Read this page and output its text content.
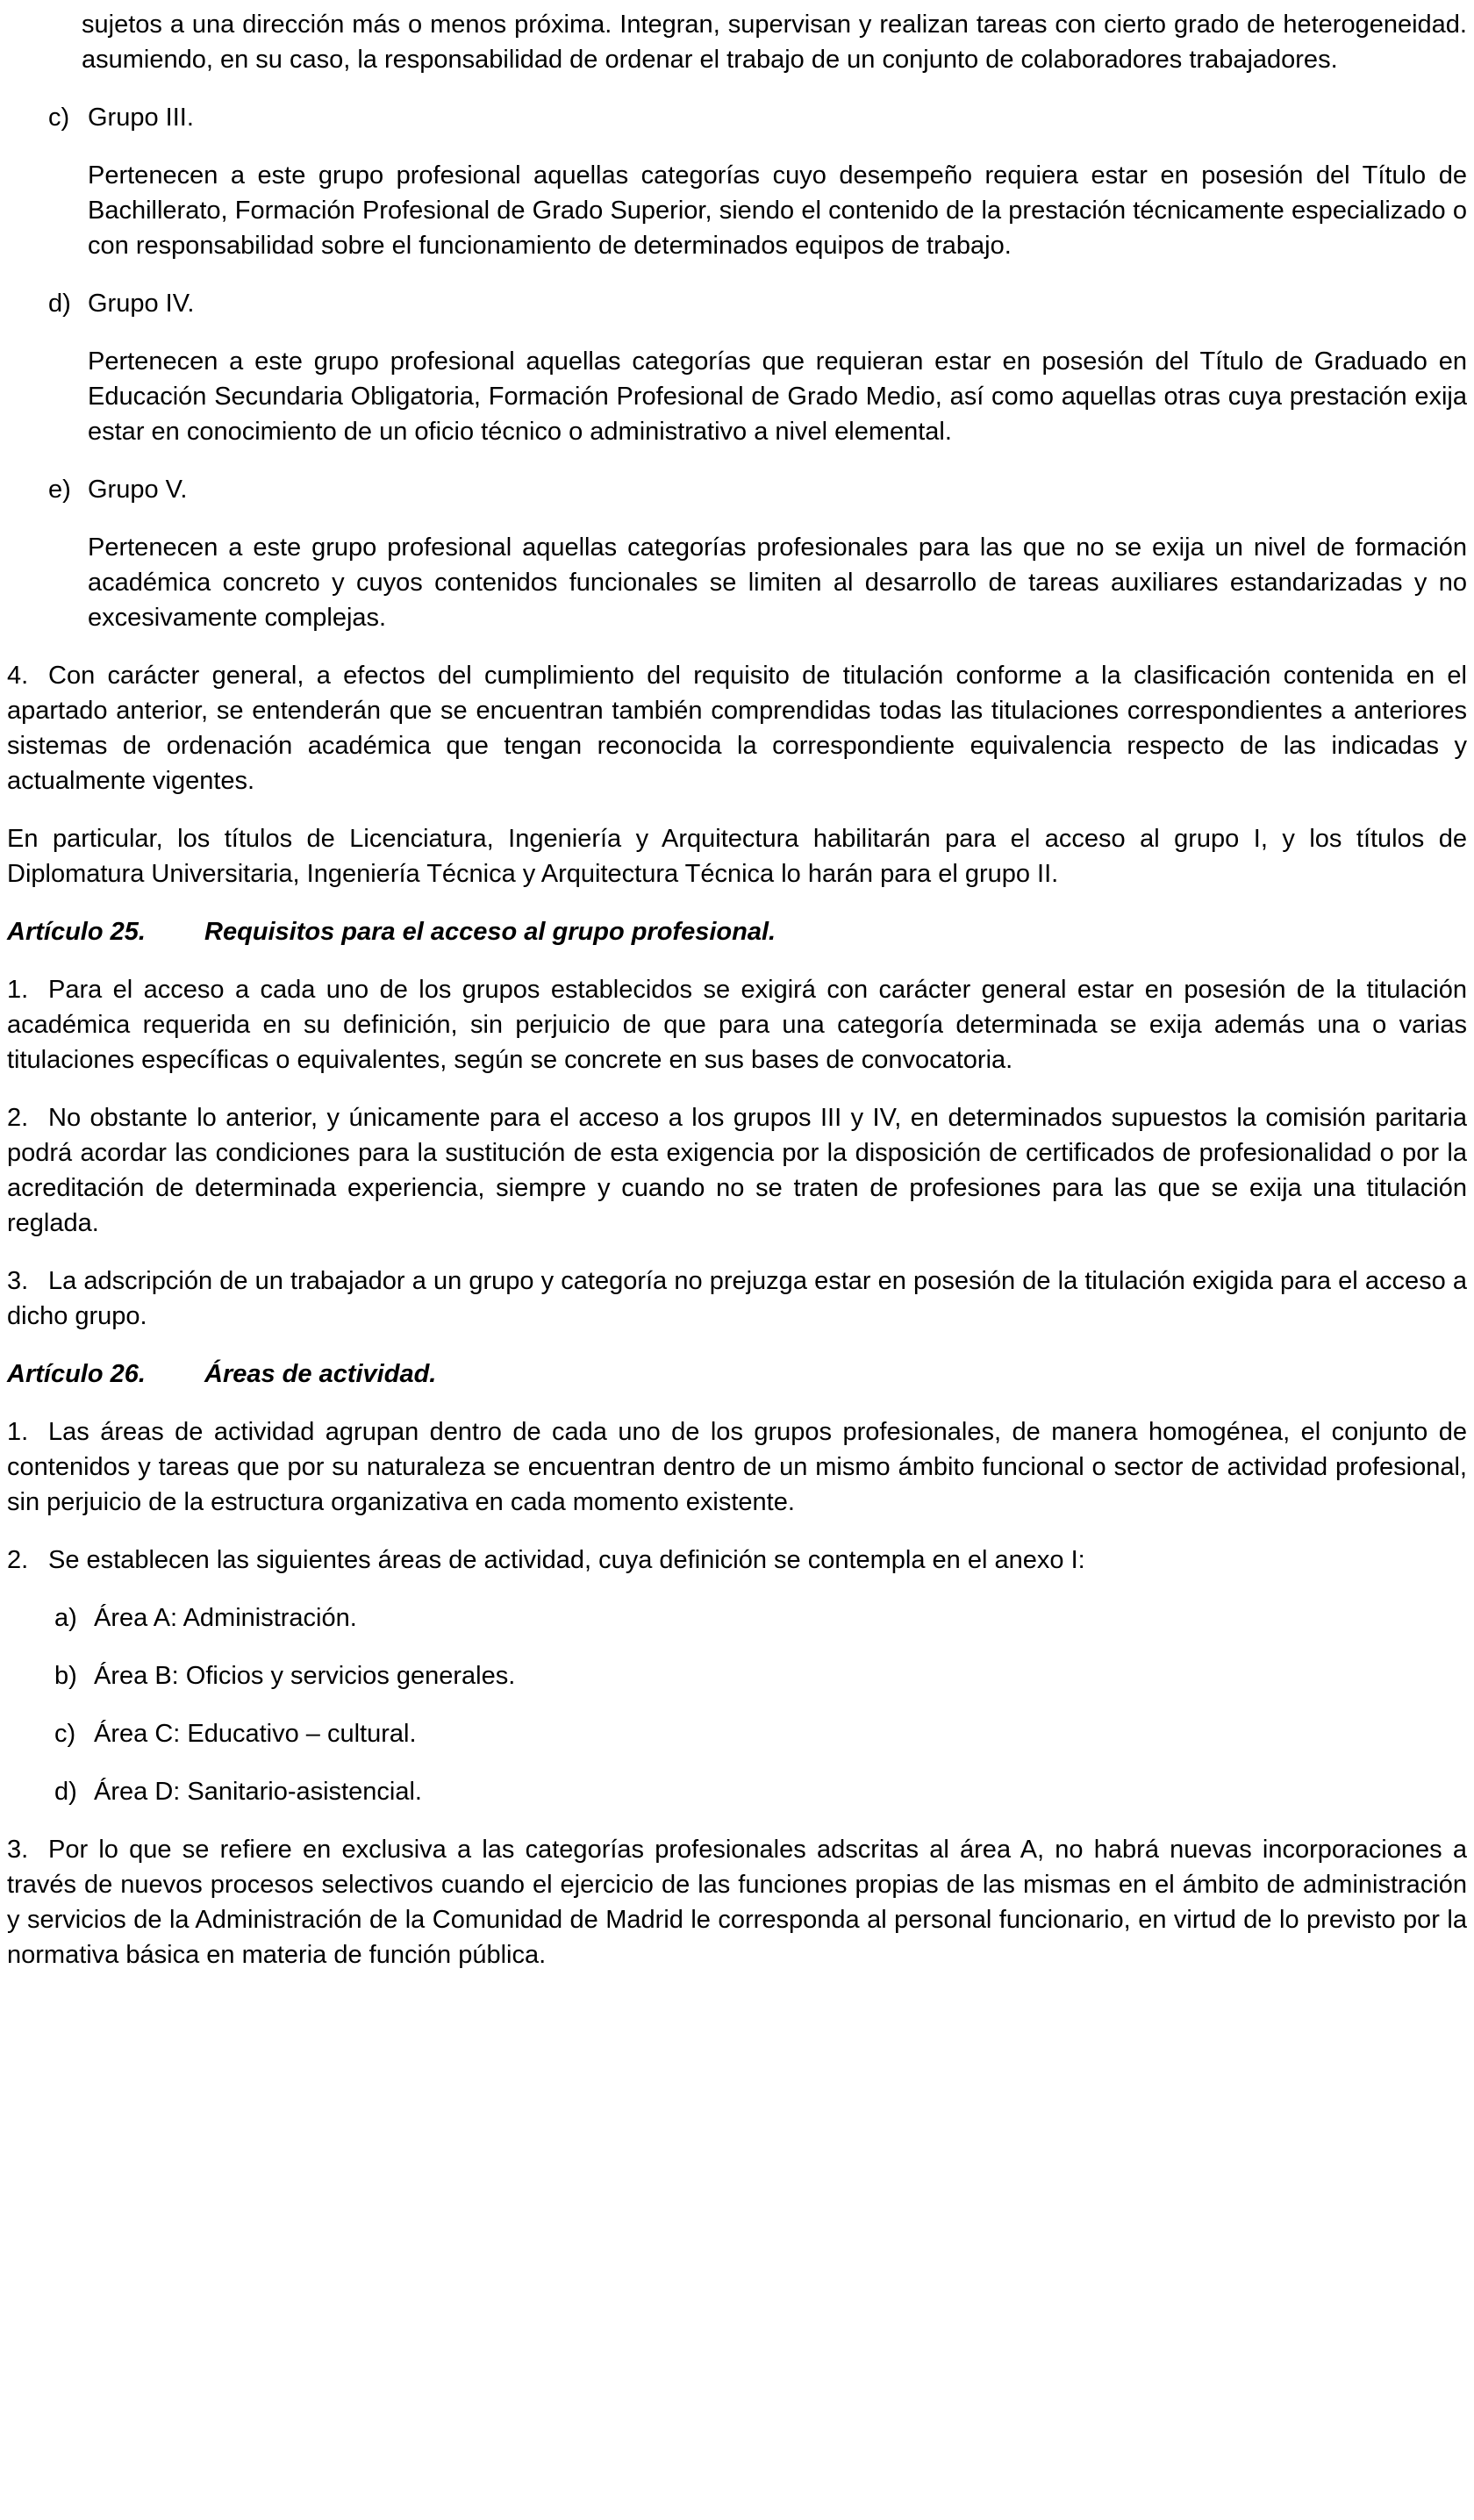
sujetos a una dirección más o menos próxima. Integran, supervisan y realizan tareas con cierto grado de heterogeneidad. asumiendo, en su caso, la responsabilidad de ordenar el trabajo de un conjunto de colaboradores trabajadores.

c) Grupo III.

Pertenecen a este grupo profesional aquellas categorías cuyo desempeño requiera estar en posesión del Título de Bachillerato, Formación Profesional de Grado Superior, siendo el contenido de la prestación técnicamente especializado o con responsabilidad sobre el funcionamiento de determinados equipos de trabajo.

d) Grupo IV.

Pertenecen a este grupo profesional aquellas categorías que requieran estar en posesión del Título de Graduado en Educación Secundaria Obligatoria, Formación Profesional de Grado Medio, así como aquellas otras cuya prestación exija estar en conocimiento de un oficio técnico o administrativo a nivel elemental.

e) Grupo V.

Pertenecen a este grupo profesional aquellas categorías profesionales para las que no se exija un nivel de formación académica concreto y cuyos contenidos funcionales se limiten al desarrollo de tareas auxiliares estandarizadas y no excesivamente complejas.

4. Con carácter general, a efectos del cumplimiento del requisito de titulación conforme a la clasificación contenida en el apartado anterior, se entenderán que se encuentran también comprendidas todas las titulaciones correspondientes a anteriores sistemas de ordenación académica que tengan reconocida la correspondiente equivalencia respecto de las indicadas y actualmente vigentes.

En particular, los títulos de Licenciatura, Ingeniería y Arquitectura habilitarán para el acceso al grupo I, y los títulos de Diplomatura Universitaria, Ingeniería Técnica y Arquitectura Técnica lo harán para el grupo II.

Artículo 25. Requisitos para el acceso al grupo profesional.

1. Para el acceso a cada uno de los grupos establecidos se exigirá con carácter general estar en posesión de la titulación académica requerida en su definición, sin perjuicio de que para una categoría determinada se exija además una o varias titulaciones específicas o equivalentes, según se concrete en sus bases de convocatoria.

2. No obstante lo anterior, y únicamente para el acceso a los grupos III y IV, en determinados supuestos la comisión paritaria podrá acordar las condiciones para la sustitución de esta exigencia por la disposición de certificados de profesionalidad o por la acreditación de determinada experiencia, siempre y cuando no se traten de profesiones para las que se exija una titulación reglada.

3. La adscripción de un trabajador a un grupo y categoría no prejuzga estar en posesión de la titulación exigida para el acceso a dicho grupo.

Artículo 26. Áreas de actividad.

1. Las áreas de actividad agrupan dentro de cada uno de los grupos profesionales, de manera homogénea, el conjunto de contenidos y tareas que por su naturaleza se encuentran dentro de un mismo ámbito funcional o sector de actividad profesional, sin perjuicio de la estructura organizativa en cada momento existente.

2. Se establecen las siguientes áreas de actividad, cuya definición se contempla en el anexo I:

a) Área A: Administración.
b) Área B: Oficios y servicios generales.
c) Área C: Educativo – cultural.
d) Área D: Sanitario-asistencial.

3. Por lo que se refiere en exclusiva a las categorías profesionales adscritas al área A, no habrá nuevas incorporaciones a través de nuevos procesos selectivos cuando el ejercicio de las funciones propias de las mismas en el ámbito de administración y servicios de la Administración de la Comunidad de Madrid le corresponda al personal funcionario, en virtud de lo previsto por la normativa básica en materia de función pública.
